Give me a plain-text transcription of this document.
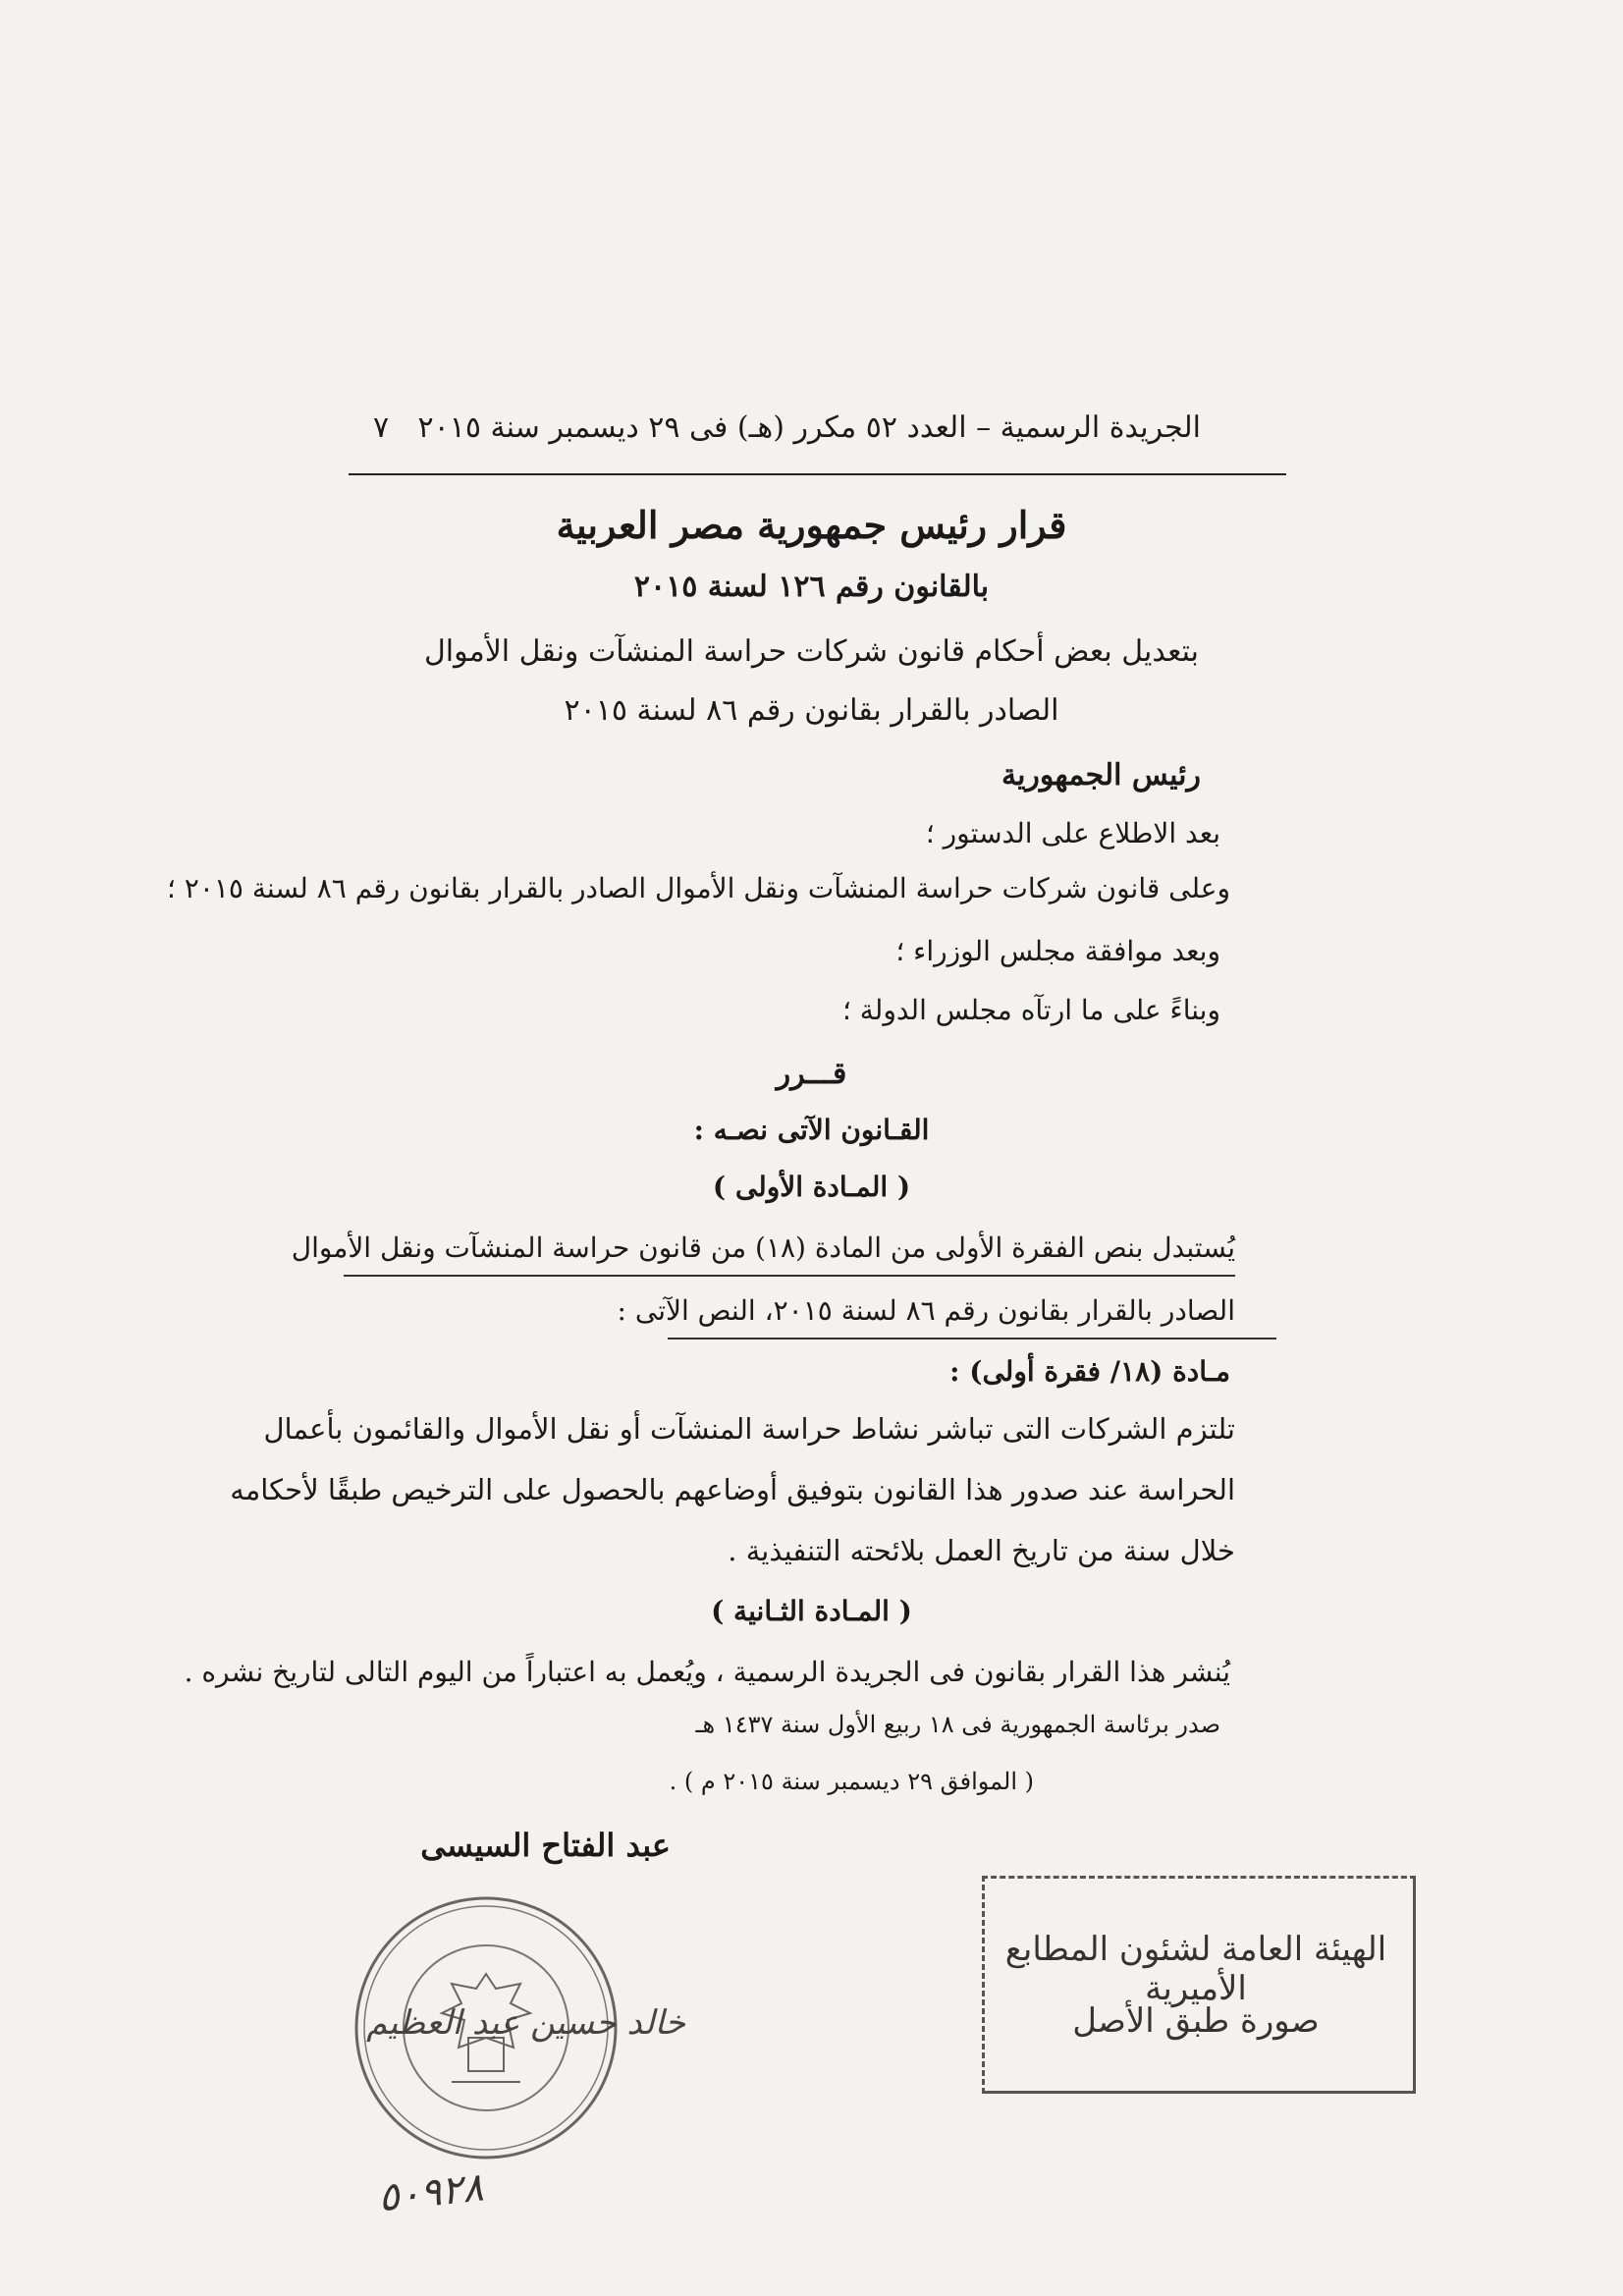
الجريدة الرسمية – العدد ٥٢ مكرر (هـ) فى ٢٩ ديسمبر سنة ٢٠١٥
٧
قرار رئيس جمهورية مصر العربية
بالقانون رقم ١٢٦ لسنة ٢٠١٥
بتعديل بعض أحكام قانون شركات حراسة المنشآت ونقل الأموال
الصادر بالقرار بقانون رقم ٨٦ لسنة ٢٠١٥
رئيس الجمهورية
بعد الاطلاع على الدستور ؛
وعلى قانون شركات حراسة المنشآت ونقل الأموال الصادر بالقرار بقانون رقم ٨٦ لسنة ٢٠١٥ ؛
وبعد موافقة مجلس الوزراء ؛
وبناءً على ما ارتآه مجلس الدولة ؛
قـــرر
القـانون الآتى نصـه :
( المـادة الأولى )
يُستبدل بنص الفقرة الأولى من المادة (١٨) من قانون حراسة المنشآت ونقل الأموال
الصادر بالقرار بقانون رقم ٨٦ لسنة ٢٠١٥، النص الآتى :
مـادة (١٨/ فقرة أولى) :
تلتزم الشركات التى تباشر نشاط حراسة المنشآت أو نقل الأموال والقائمون بأعمال
الحراسة عند صدور هذا القانون بتوفيق أوضاعهم بالحصول على الترخيص طبقًا لأحكامه
خلال سنة من تاريخ العمل بلائحته التنفيذية .
( المـادة الثـانية )
يُنشر هذا القرار بقانون فى الجريدة الرسمية ، ويُعمل به اعتباراً من اليوم التالى لتاريخ نشره .
صدر برئاسة الجمهورية فى ١٨ ربيع الأول سنة ١٤٣٧ هـ
( الموافق ٢٩ ديسمبر سنة ٢٠١٥ م ) .
عبد الفتاح السيسى
الهيئة العامة لشئون المطابع الأميرية
صورة طبق الأصل
خالد حسين عبد العظيم
٥٠٩٢٨
